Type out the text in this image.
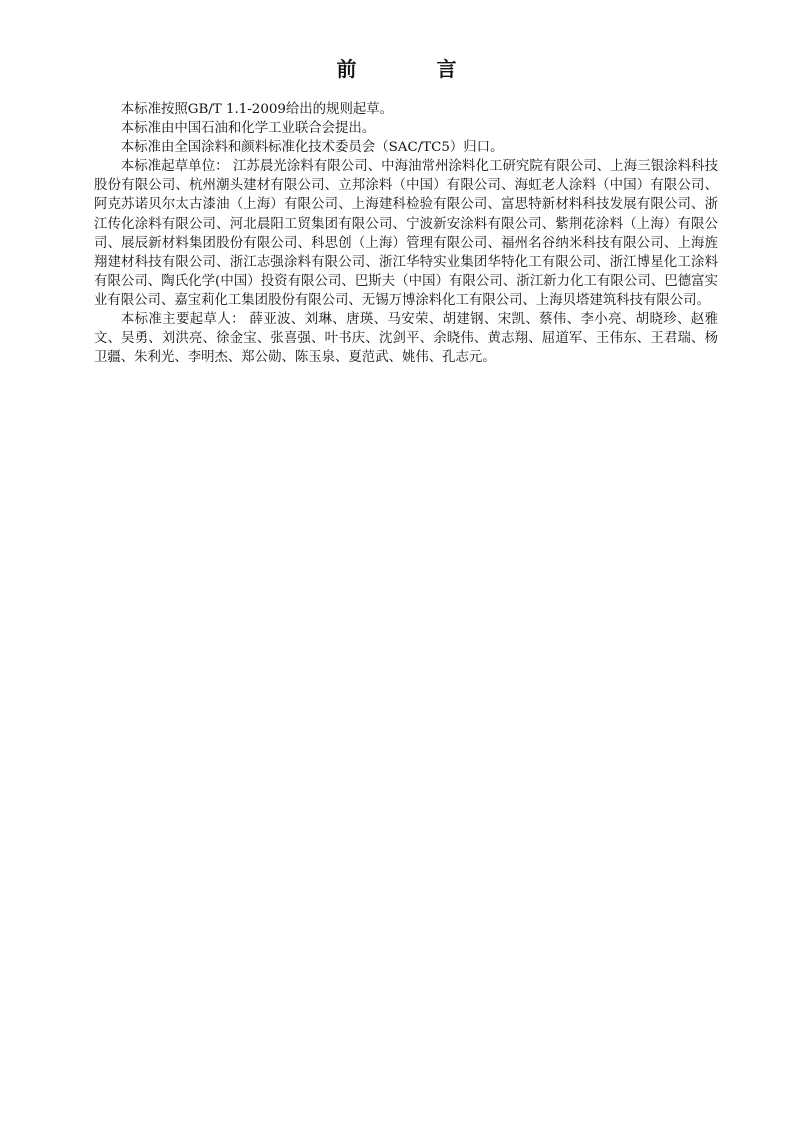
前　言

本标准按照GB/T 1.1-2009给出的规则起草。

本标准由中国石油和化学工业联合会提出。

本标准由全国涂料和颜料标准化技术委员会（SAC/TC5）归口。

本标准起草单位： 江苏晨光涂料有限公司、中海油常州涂料化工研究院有限公司、上海三银涂料科技股份有限公司、杭州潮头建材有限公司、立邦涂料（中国）有限公司、海虹老人涂料（中国）有限公司、阿克苏诺贝尔太古漆油（上海）有限公司、上海建科检验有限公司、富思特新材料科技发展有限公司、浙江传化涂料有限公司、河北晨阳工贸集团有限公司、宁波新安涂料有限公司、紫荆花涂料（上海）有限公司、展辰新材料集团股份有限公司、科思创（上海）管理有限公司、福州名谷纳米科技有限公司、上海旌翔建材科技有限公司、浙江志强涂料有限公司、浙江华特实业集团华特化工有限公司、浙江博星化工涂料有限公司、陶氏化学(中国）投资有限公司、巴斯夫（中国）有限公司、浙江新力化工有限公司、巴德富实业有限公司、嘉宝莉化工集团股份有限公司、无锡万博涂料化工有限公司、上海贝塔建筑科技有限公司。

本标准主要起草人： 薛亚波、刘琳、唐瑛、马安荣、胡建钢、宋凯、蔡伟、李小亮、胡晓珍、赵雅文、吴勇、刘洪亮、徐金宝、张喜强、叶书庆、沈剑平、余晓伟、黄志翔、屈道军、王伟东、王君瑞、杨卫疆、朱利光、李明杰、郑公勋、陈玉泉、夏范武、姚伟、孔志元。
